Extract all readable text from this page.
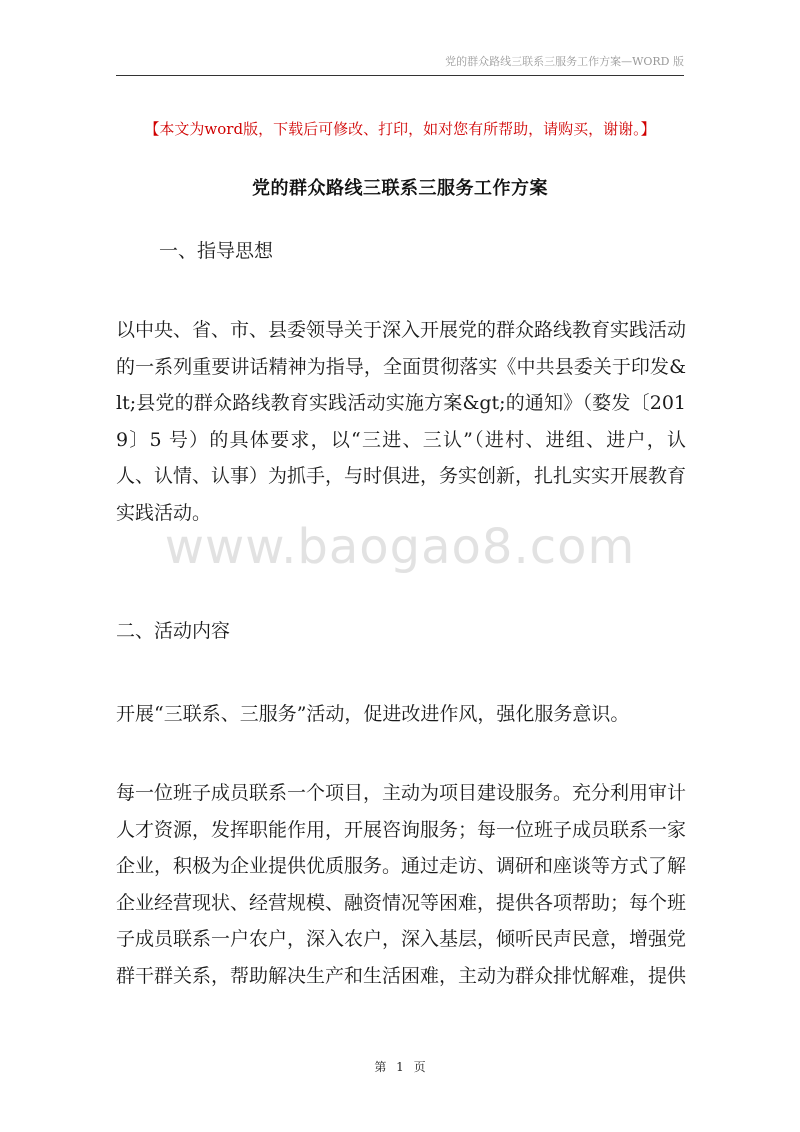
党的群众路线三联系三服务工作方案—WORD 版
【本文为word版，下载后可修改、打印，如对您有所帮助，请购买，谢谢。】
党的群众路线三联系三服务工作方案
一、指导思想
以中央、省、市、县委领导关于深入开展党的群众路线教育实践活动的一系列重要讲话精神为指导，全面贯彻落实《中共县委关于印发&lt;县党的群众路线教育实践活动实施方案&gt;的通知》（婺发〔2019〕5 号）的具体要求，以“三进、三认”（进村、进组、进户，认人、认情、认事）为抓手，与时俱进，务实创新，扎扎实实开展教育实践活动。
二、活动内容
开展“三联系、三服务”活动，促进改进作风，强化服务意识。
每一位班子成员联系一个项目，主动为项目建设服务。充分利用审计人才资源，发挥职能作用，开展咨询服务；每一位班子成员联系一家企业，积极为企业提供优质服务。通过走访、调研和座谈等方式了解企业经营现状、经营规模、融资情况等困难，提供各项帮助；每个班子成员联系一户农户，深入农户，深入基层，倾听民声民意，增强党群干群关系，帮助解决生产和生活困难，主动为群众排忧解难，提供
www.baogao8.com
第 1 页
